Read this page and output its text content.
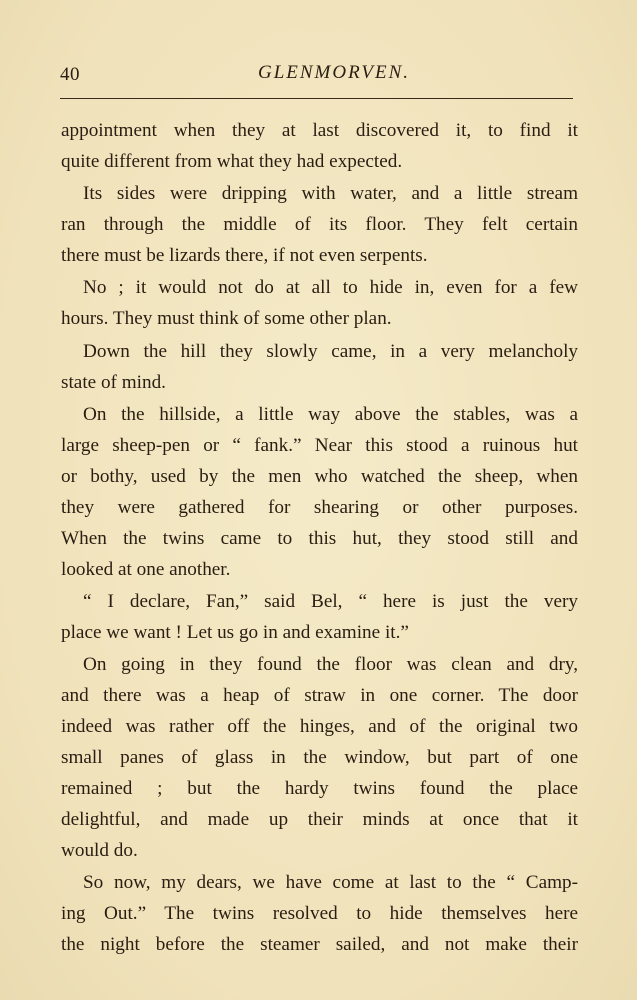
40	GLENMORVEN.
appointment when they at last discovered it, to find it
quite different from what they had expected.
Its sides were dripping with water, and a little stream
ran through the middle of its floor. They felt certain
there must be lizards there, if not even serpents.
No ; it would not do at all to hide in, even for a few
hours. They must think of some other plan.
Down the hill they slowly came, in a very melancholy
state of mind.
On the hillside, a little way above the stables, was a
large sheep-pen or “ fank.” Near this stood a ruinous hut
or bothy, used by the men who watched the sheep, when
they were gathered for shearing or other purposes.
When the twins came to this hut, they stood still and
looked at one another.
“ I declare, Fan,” said Bel, “ here is just the very
place we want ! Let us go in and examine it.”
On going in they found the floor was clean and dry,
and there was a heap of straw in one corner. The door
indeed was rather off the hinges, and of the original two
small panes of glass in the window, but part of one
remained ; but the hardy twins found the place
delightful, and made up their minds at once that it
would do.
So now, my dears, we have come at last to the “ Camp-
ing Out.” The twins resolved to hide themselves here
the night before the steamer sailed, and not make their
